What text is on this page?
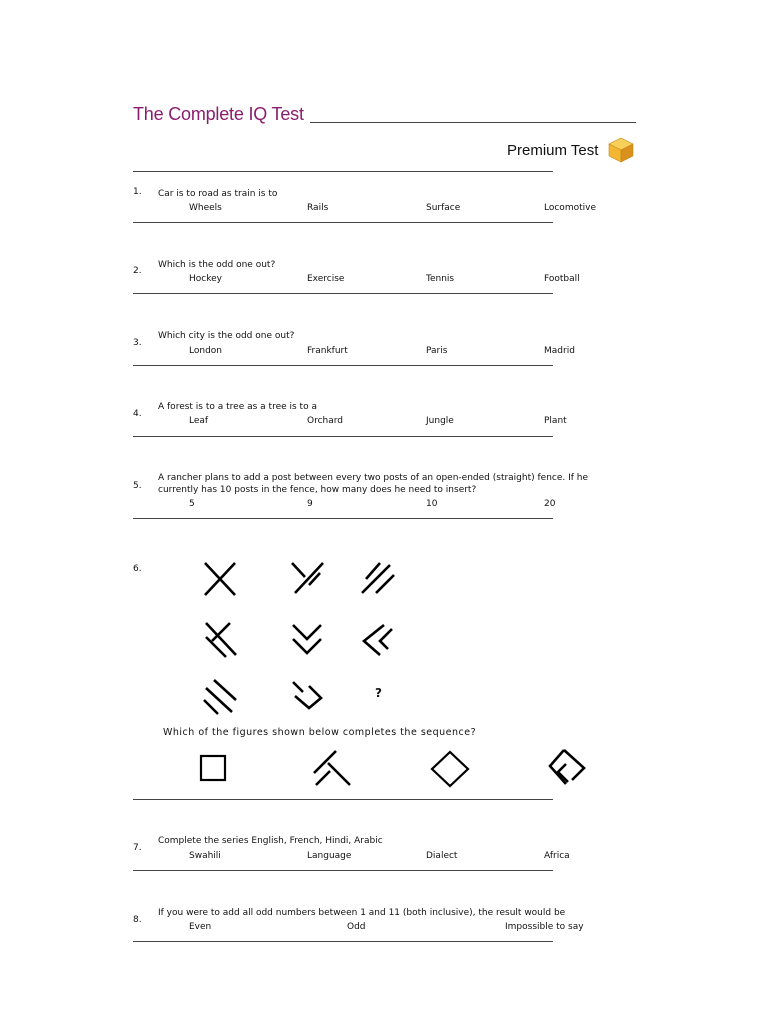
The Complete IQ Test
Premium Test
1. Car is to road as train is to
Wheels	Rails	Surface	Locomotive
2.
Which is the odd one out?
Hockey	Exercise	Tennis	Football
3.
Which city is the odd one out?
London	Frankfurt	Paris	Madrid
4.
A forest is to a tree as a tree is to a
Leaf	Orchard	Jungle	Plant
5.
A rancher plans to add a post between every two posts of an open-ended (straight) fence. If he
currently has 10 posts in the fence, how many does he need to insert?
5	9	10	20
6.
?
Which of the figures shown below completes the sequence?
7.
Complete the series English, French, Hindi, Arabic
Swahili	Language	Dialect	Africa
8.
If you were to add all odd numbers between 1 and 11 (both inclusive), the result would be
Even	Odd	Impossible to say
